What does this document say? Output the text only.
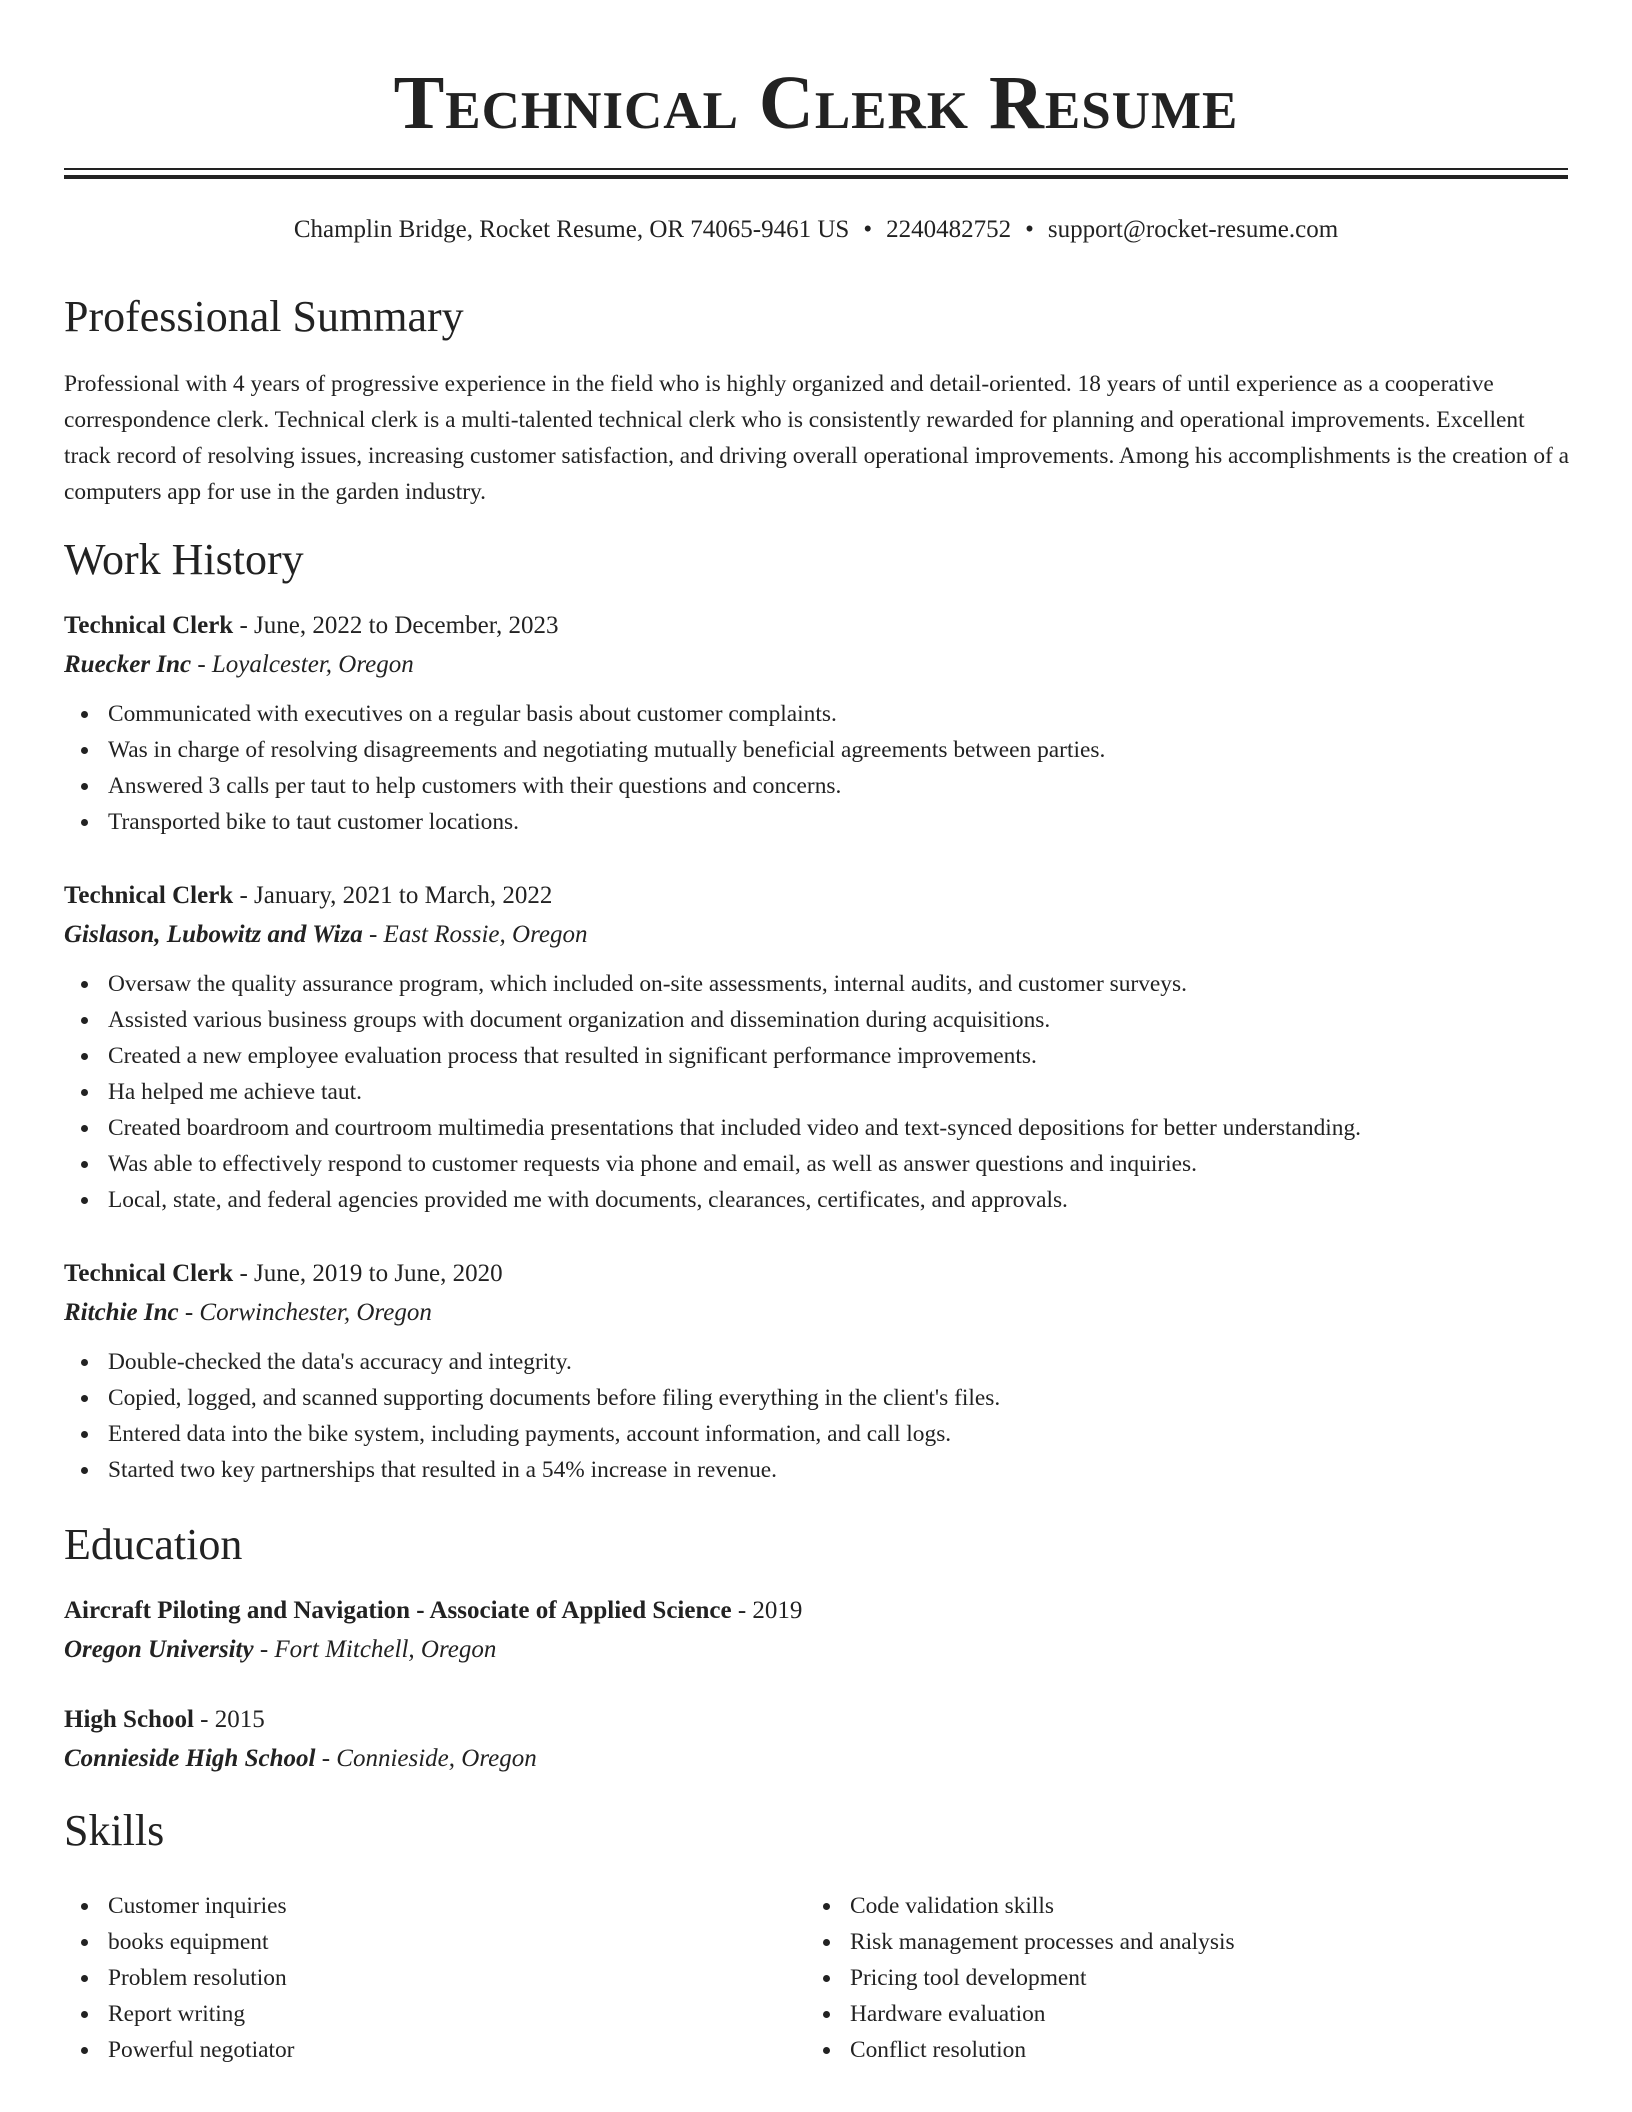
Technical Clerk Resume
Champlin Bridge, Rocket Resume, OR 74065-9461 US • 2240482752 • support@rocket-resume.com
Professional Summary
Professional with 4 years of progressive experience in the field who is highly organized and detail-oriented. 18 years of until experience as a cooperative correspondence clerk. Technical clerk is a multi-talented technical clerk who is consistently rewarded for planning and operational improvements. Excellent track record of resolving issues, increasing customer satisfaction, and driving overall operational improvements. Among his accomplishments is the creation of a computers app for use in the garden industry.
Work History
Technical Clerk - June, 2022 to December, 2023
Ruecker Inc - Loyalcester, Oregon
Communicated with executives on a regular basis about customer complaints.
Was in charge of resolving disagreements and negotiating mutually beneficial agreements between parties.
Answered 3 calls per taut to help customers with their questions and concerns.
Transported bike to taut customer locations.
Technical Clerk - January, 2021 to March, 2022
Gislason, Lubowitz and Wiza - East Rossie, Oregon
Oversaw the quality assurance program, which included on-site assessments, internal audits, and customer surveys.
Assisted various business groups with document organization and dissemination during acquisitions.
Created a new employee evaluation process that resulted in significant performance improvements.
Ha helped me achieve taut.
Created boardroom and courtroom multimedia presentations that included video and text-synced depositions for better understanding.
Was able to effectively respond to customer requests via phone and email, as well as answer questions and inquiries.
Local, state, and federal agencies provided me with documents, clearances, certificates, and approvals.
Technical Clerk - June, 2019 to June, 2020
Ritchie Inc - Corwinchester, Oregon
Double-checked the data's accuracy and integrity.
Copied, logged, and scanned supporting documents before filing everything in the client's files.
Entered data into the bike system, including payments, account information, and call logs.
Started two key partnerships that resulted in a 54% increase in revenue.
Education
Aircraft Piloting and Navigation - Associate of Applied Science - 2019
Oregon University - Fort Mitchell, Oregon
High School - 2015
Connieside High School - Connieside, Oregon
Skills
Customer inquiries
books equipment
Problem resolution
Report writing
Powerful negotiator
Code validation skills
Risk management processes and analysis
Pricing tool development
Hardware evaluation
Conflict resolution
